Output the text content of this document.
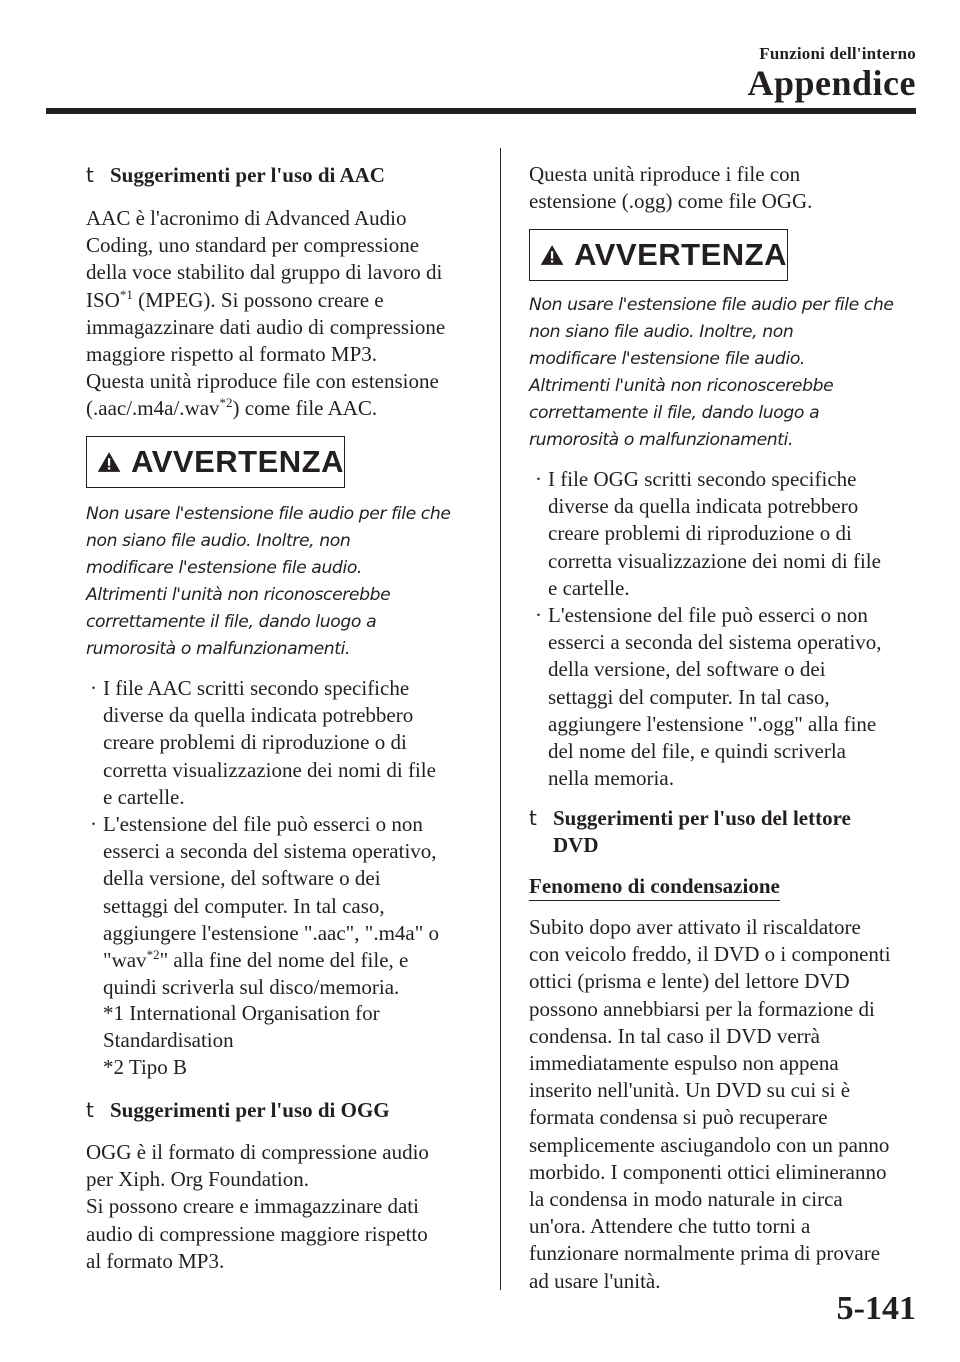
Funzioni dell'interno
Appendice
t Suggerimenti per l'uso di AAC

AAC è l'acronimo di Advanced Audio

Coding, uno standard per compressione

della voce stabilito dal gruppo di lavoro di

ISO$^{*1}$ (MPEG). Si possono creare e

immagazzinare dati audio di compressione

maggiore rispetto al formato MP3.

Questa unità riproduce file con estensione

(.aac/.m4a/.wav$^{*2}$) come file AAC.

AVVERTENZA
Non usare l'estensione file audio per file che
non siano file audio. Inoltre, non
modificare l'estensione file audio.
Altrimenti l'unità non riconoscerebbe
correttamente il file, dando luogo a
rumorosità o malfunzionamenti.
· I file AAC scritti secondo specifiche
diverse da quella indicata potrebbero
creare problemi di riproduzione o di
corretta visualizzazione dei nomi di file
e cartelle.
· L'estensione del file può esserci o non
esserci a seconda del sistema operativo,
della versione, del software o dei
settaggi del computer. In tal caso,
aggiungere l'estensione ".aac", ".m4a" o
"wav$^{*2}$" alla fine del nome del file, e
quindi scriverla sul disco/memoria.
*1 International Organisation for
Standardisation
*2 Tipo B
t Suggerimenti per l'uso di OGG

OGG è il formato di compressione audio

per Xiph. Org Foundation.

Si possono creare e immagazzinare dati

audio di compressione maggiore rispetto

al formato MP3.

Questa unità riproduce i file con

estensione (.ogg) come file OGG.

AVVERTENZA
Non usare l'estensione file audio per file che
non siano file audio. Inoltre, non
modificare l'estensione file audio.
Altrimenti l'unità non riconoscerebbe
correttamente il file, dando luogo a
rumorosità o malfunzionamenti.
· I file OGG scritti secondo specifiche
diverse da quella indicata potrebbero
creare problemi di riproduzione o di
corretta visualizzazione dei nomi di file
e cartelle.
· L'estensione del file può esserci o non
esserci a seconda del sistema operativo,
della versione, del software o dei
settaggi del computer. In tal caso,
aggiungere l'estensione ".ogg" alla fine
del nome del file, e quindi scriverla
nella memoria.
t Suggerimenti per l'uso del lettore
DVD
Fenomeno di condensazione

Subito dopo aver attivato il riscaldatore

con veicolo freddo, il DVD o i componenti

ottici (prisma e lente) del lettore DVD

possono annebbiarsi per la formazione di

condensa. In tal caso il DVD verrà

immediatamente espulso non appena

inserito nell'unità. Un DVD su cui si è

formata condensa si può recuperare

semplicemente asciugandolo con un panno

morbido. I componenti ottici elimineranno

la condensa in modo naturale in circa

un'ora. Attendere che tutto torni a

funzionare normalmente prima di provare

ad usare l'unità.

5-141
